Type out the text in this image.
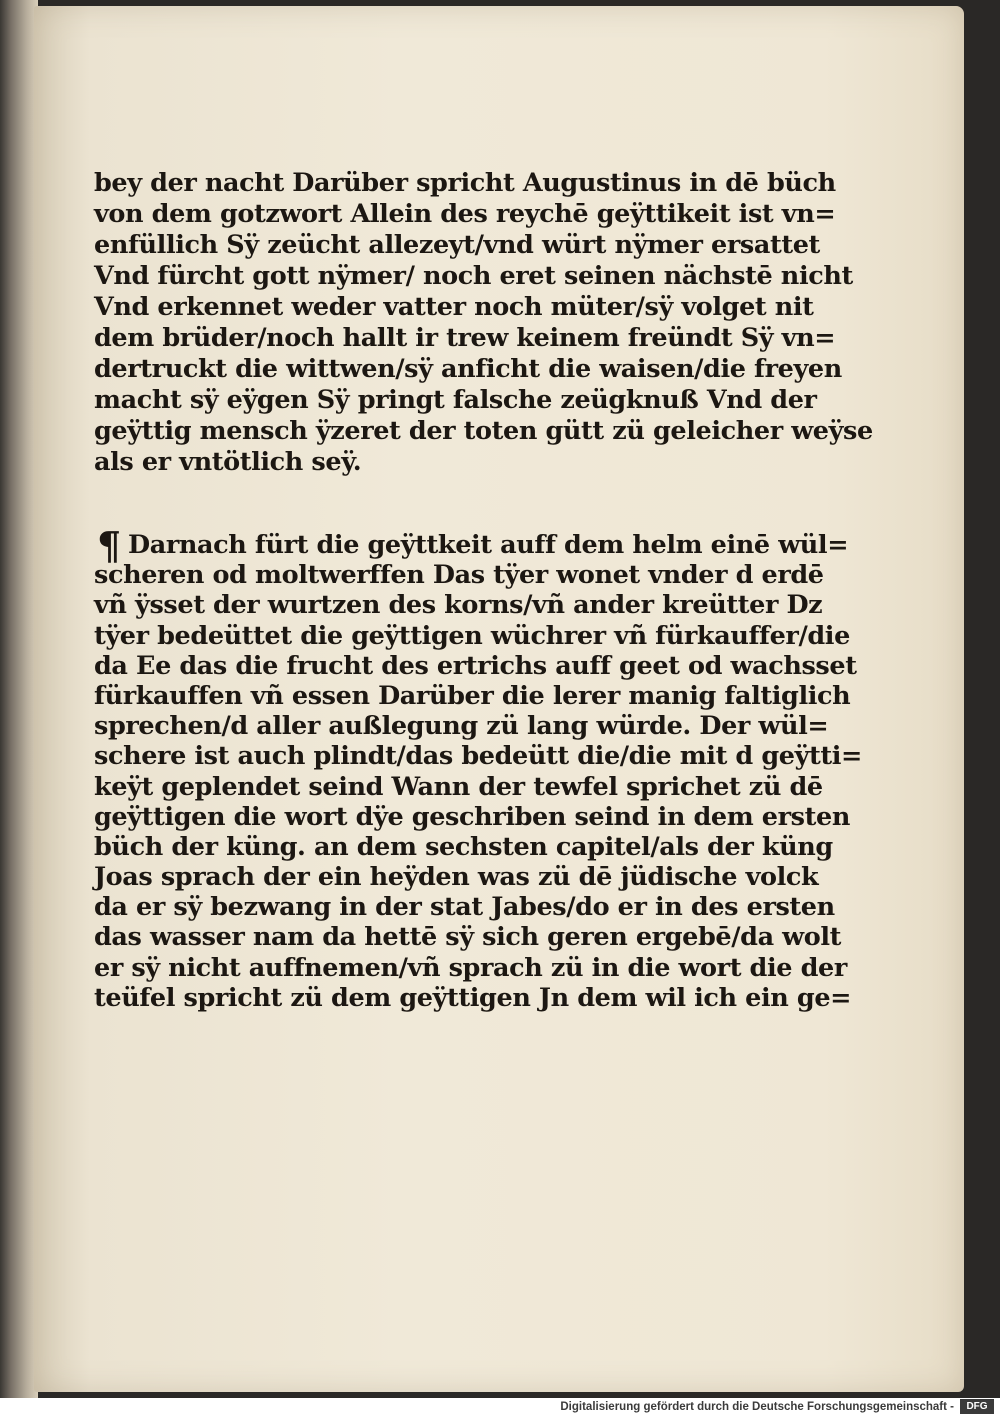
bey der nacht Darüber spricht Augustinus in dē büch
von dem gotzwort Allein des reychē geÿttikeit ist vn=
enfüllich Sÿ zeücht allezeyt/vnd würt nÿmer ersattet
Vnd fürcht gott nÿmer/ noch eret seinen nächstē nicht
Vnd erkennet weder vatter noch müter/sÿ volget nit
dem brüder/noch hallt ir trew keinem freündt Sÿ vn=
dertruckt die wittwen/sÿ anficht die waisen/die freyen
macht sÿ eÿgen Sÿ pringt falsche zeügknuß Vnd der
geÿttig mensch ÿzeret der toten gütt zü geleicher weÿse
als er vntötlich seÿ.
¶ Darnach fürt die geÿttkeit auff dem helm einē wül=
scheren od moltwerffen Das tÿer wonet vnder d erdē
vñ ÿsset der wurtzen des korns/vñ ander kreütter Dz
tÿer bedeüttet die geÿttigen wüchrer vñ fürkauffer/die
da Ee das die frucht des ertrichs auff geet od wachsset
fürkauffen vñ essen Darüber die lerer manig faltiglich
sprechen/d aller außlegung zü lang würde. Der wül=
schere ist auch plindt/das bedeütt die/die mit d geÿtti=
keÿt geplendet seind Wann der tewfel sprichet zü dē
geÿttigen die wort dÿe geschriben seind in dem ersten
büch der küng. an dem sechsten capitel/als der küng
Joas sprach der ein heÿden was zü dē jüdische volck
da er sÿ bezwang in der stat Jabes/do er in des ersten
das wasser nam da hettē sÿ sich geren ergebē/da wolt
er sÿ nicht auffnemen/vñ sprach zü in die wort die der
teüfel spricht zü dem geÿttigen Jn dem wil ich ein ge=
Digitalisierung gefördert durch die Deutsche Forschungsgemeinschaft -	DFG
